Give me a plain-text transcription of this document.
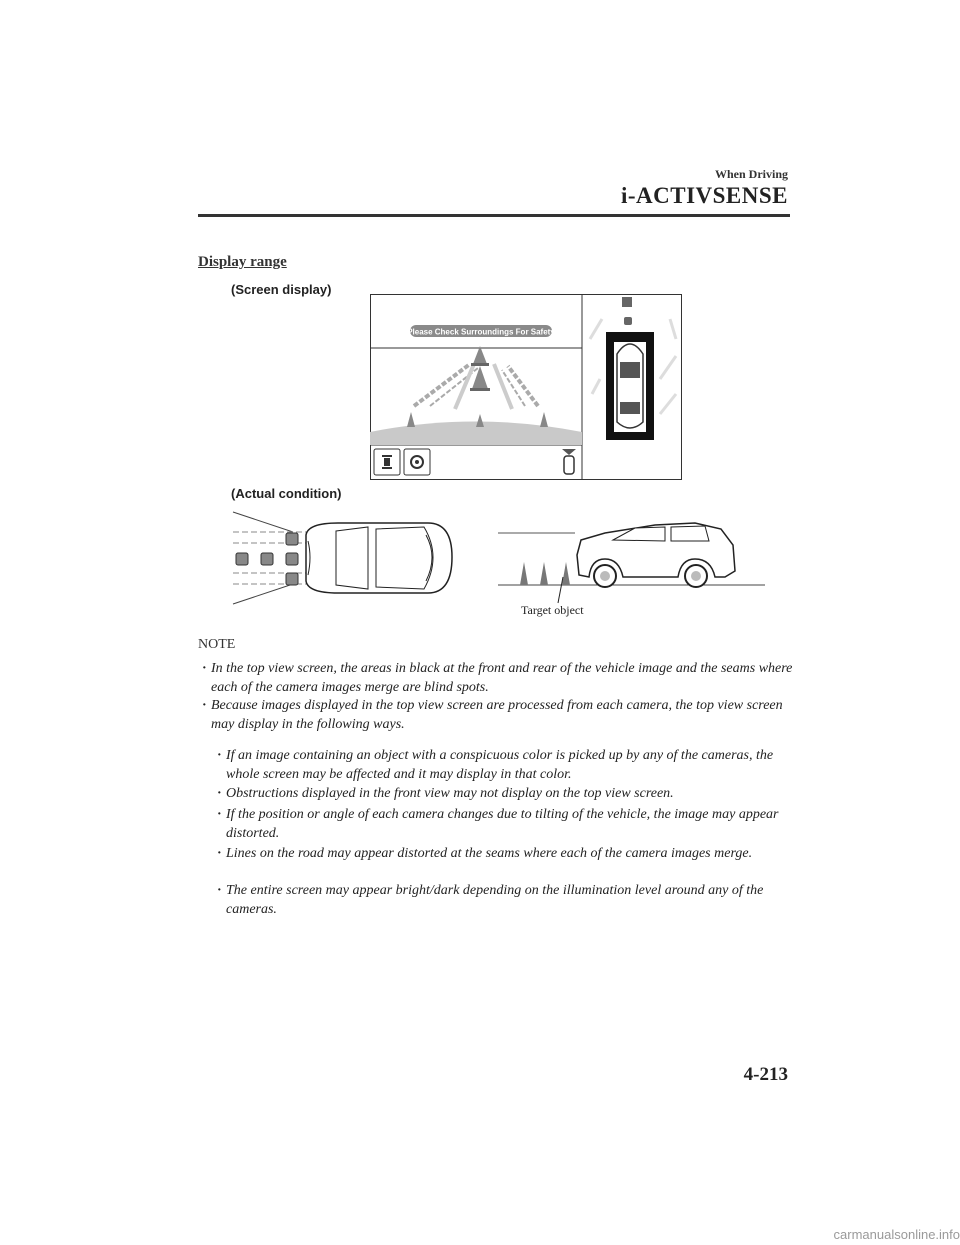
When Driving
i-ACTIVSENSE
Display range
(Screen display)
Please Check Surroundings For Safety
(Actual condition)
Target object
NOTE
· In the top view screen, the areas in black at the front and rear of the vehicle image and the seams where each of the camera images merge are blind spots.
· Because images displayed in the top view screen are processed from each camera, the top view screen may display in the following ways.
· If an image containing an object with a conspicuous color is picked up by any of the cameras, the whole screen may be affected and it may display in that color.
· Obstructions displayed in the front view may not display on the top view screen.
· If the position or angle of each camera changes due to tilting of the vehicle, the image may appear distorted.
· Lines on the road may appear distorted at the seams where each of the camera images merge.
· The entire screen may appear bright/dark depending on the illumination level around any of the cameras.
4-213
carmanualsonline.info
